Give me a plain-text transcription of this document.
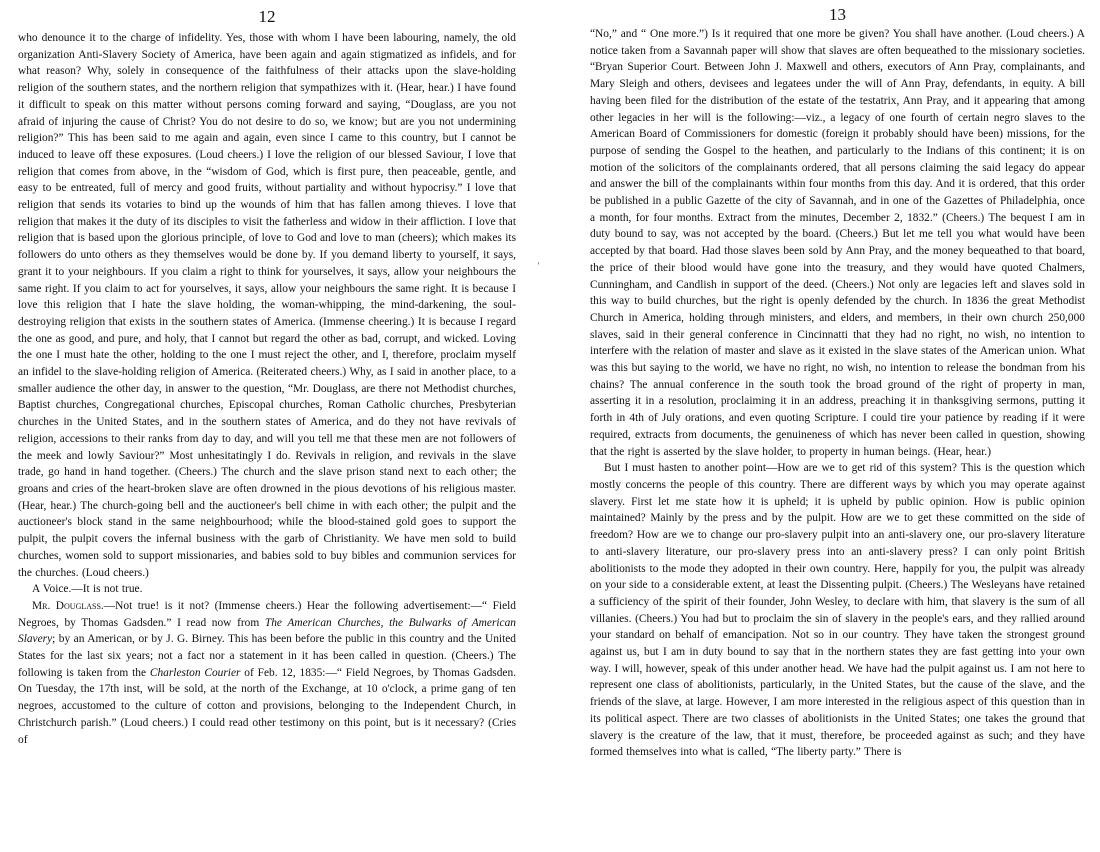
12

who denounce it to the charge of infidelity. Yes, those with whom I have been labouring, namely, the old organization Anti-Slavery Society of America, have been again and again stigmatized as infidels, and for what reason? Why, solely in consequence of the faithfulness of their attacks upon the slave-holding religion of the southern states, and the northern religion that sympathizes with it. (Hear, hear.) I have found it difficult to speak on this matter without persons coming forward and saying, “Douglass, are you not afraid of injuring the cause of Christ? You do not desire to do so, we know; but are you not undermining religion?” This has been said to me again and again, even since I came to this country, but I cannot be induced to leave off these exposures. (Loud cheers.) I love the religion of our blessed Saviour, I love that religion that comes from above, in the “wisdom of God, which is first pure, then peaceable, gentle, and easy to be entreated, full of mercy and good fruits, without partiality and without hypocrisy.” I love that religion that sends its votaries to bind up the wounds of him that has fallen among thieves. I love that religion that makes it the duty of its disciples to visit the fatherless and widow in their affliction. I love that religion that is based upon the glorious principle, of love to God and love to man (cheers); which makes its followers do unto others as they themselves would be done by. If you demand liberty to yourself, it says, grant it to your neighbours. If you claim a right to think for yourselves, it says, allow your neighbours the same right. If you claim to act for yourselves, it says, allow your neighbours the same right. It is because I love this religion that I hate the slave holding, the woman-whipping, the mind-darkening, the soul-destroying religion that exists in the southern states of America. (Immense cheering.) It is because I regard the one as good, and pure, and holy, that I cannot but regard the other as bad, corrupt, and wicked. Loving the one I must hate the other, holding to the one I must reject the other, and I, therefore, proclaim myself an infidel to the slave-holding religion of America. (Reiterated cheers.) Why, as I said in another place, to a smaller audience the other day, in answer to the question, “Mr. Douglass, are there not Methodist churches, Baptist churches, Congregational churches, Episcopal churches, Roman Catholic churches, Presbyterian churches in the United States, and in the southern states of America, and do they not have revivals of religion, accessions to their ranks from day to day, and will you tell me that these men are not followers of the meek and lowly Saviour?” Most unhesitatingly I do. Revivals in religion, and revivals in the slave trade, go hand in hand together. (Cheers.) The church and the slave prison stand next to each other; the groans and cries of the heart-broken slave are often drowned in the pious devotions of his religious master. (Hear, hear.) The church-going bell and the auctioneer's bell chime in with each other; the pulpit and the auctioneer's block stand in the same neighbourhood; while the blood-stained gold goes to support the pulpit, the pulpit covers the infernal business with the garb of Christianity. We have men sold to build churches, women sold to support missionaries, and babies sold to buy bibles and communion services for the churches. (Loud cheers.)

A Voice.—It is not true.

Mr. Douglass.—Not true! is it not? (Immense cheers.) Hear the following advertisement:—“ Field Negroes, by Thomas Gadsden.” I read now from The American Churches, the Bulwarks of American Slavery; by an American, or by J. G. Birney. This has been before the public in this country and the United States for the last six years; not a fact nor a statement in it has been called in question. (Cheers.) The following is taken from the Charleston Courier of Feb. 12, 1835:—“ Field Negroes, by Thomas Gadsden. On Tuesday, the 17th inst, will be sold, at the north of the Exchange, at 10 o'clock, a prime gang of ten negroes, accustomed to the culture of cotton and provisions, belonging to the Independent Church, in Christchurch parish.” (Loud cheers.) I could read other testimony on this point, but is it necessary? (Cries of

ˈ
13

“No,” and “ One more.”) Is it required that one more be given? You shall have another. (Loud cheers.) A notice taken from a Savannah paper will show that slaves are often bequeathed to the missionary societies. “Bryan Superior Court. Between John J. Maxwell and others, executors of Ann Pray, complainants, and Mary Sleigh and others, devisees and legatees under the will of Ann Pray, defendants, in equity. A bill having been filed for the distribution of the estate of the testatrix, Ann Pray, and it appearing that among other legacies in her will is the following:—viz., a legacy of one fourth of certain negro slaves to the American Board of Commissioners for domestic (foreign it probably should have been) missions, for the purpose of sending the Gospel to the heathen, and particularly to the Indians of this continent; it is on motion of the solicitors of the complainants ordered, that all persons claiming the said legacy do appear and answer the bill of the complainants within four months from this day. And it is ordered, that this order be published in a public Gazette of the city of Savannah, and in one of the Gazettes of Philadelphia, once a month, for four months. Extract from the minutes, December 2, 1832.” (Cheers.) The bequest I am in duty bound to say, was not accepted by the board. (Cheers.) But let me tell you what would have been accepted by that board. Had those slaves been sold by Ann Pray, and the money bequeathed to that board, the price of their blood would have gone into the treasury, and they would have quoted Chalmers, Cunningham, and Candlish in support of the deed. (Cheers.) Not only are legacies left and slaves sold in this way to build churches, but the right is openly defended by the church. In 1836 the great Methodist Church in America, holding through ministers, and elders, and members, in their own church 250,000 slaves, said in their general conference in Cincinnatti that they had no right, no wish, no intention to interfere with the relation of master and slave as it existed in the slave states of the American union. What was this but saying to the world, we have no right, no wish, no intention to release the bondman from his chains? The annual conference in the south took the broad ground of the right of property in man, asserting it in a resolution, proclaiming it in an address, preaching it in thanksgiving sermons, putting it forth in 4th of July orations, and even quoting Scripture. I could tire your patience by reading if it were required, extracts from documents, the genuineness of which has never been called in question, showing that the right is asserted by the slave holder, to property in human beings. (Hear, hear.)

But I must hasten to another point—How are we to get rid of this system? This is the question which mostly concerns the people of this country. There are different ways by which you may operate against slavery. First let me state how it is upheld; it is upheld by public opinion. How is public opinion maintained? Mainly by the press and by the pulpit. How are we to get these committed on the side of freedom? How are we to change our pro-slavery pulpit into an anti-slavery one, our pro-slavery literature to anti-slavery literature, our pro-slavery press into an anti-slavery press? I can only point British abolitionists to the mode they adopted in their own country. Here, happily for you, the pulpit was already on your side to a considerable extent, at least the Dissenting pulpit. (Cheers.) The Wesleyans have retained a sufficiency of the spirit of their founder, John Wesley, to declare with him, that slavery is the sum of all villanies. (Cheers.) You had but to proclaim the sin of slavery in the people's ears, and they rallied around your standard on behalf of emancipation. Not so in our country. They have taken the strongest ground against us, but I am in duty bound to say that in the northern states they are fast getting into your own way. I will, however, speak of this under another head. We have had the pulpit against us. I am not here to represent one class of abolitionists, particularly, in the United States, but the cause of the slave, and the friends of the slave, at large. However, I am more interested in the religious aspect of this question than in its political aspect. There are two classes of abolitionists in the United States; one takes the ground that slavery is the creature of the law, that it must, therefore, be proceeded against as such; and they have formed themselves into what is called, “The liberty party.” There is
